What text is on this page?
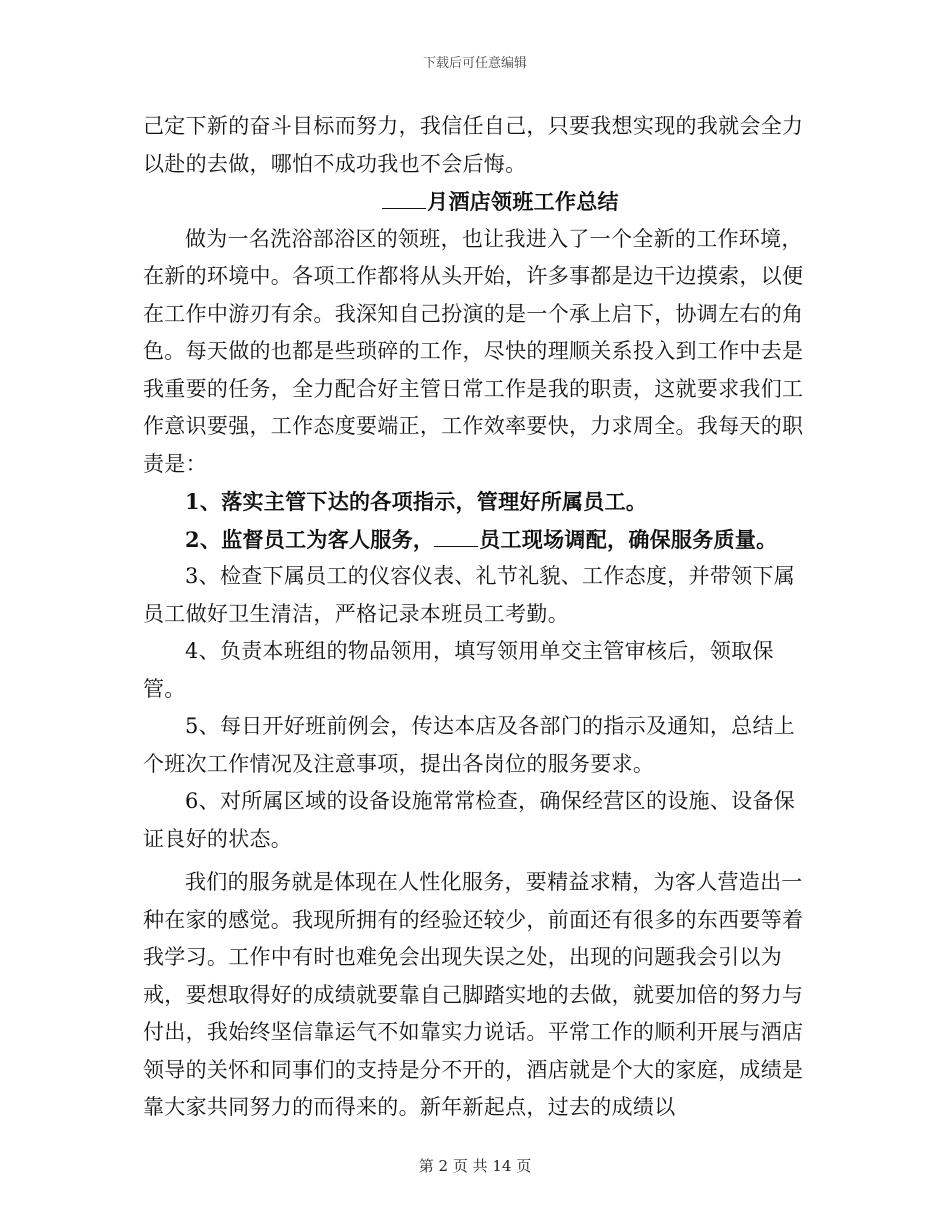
下载后可任意编辑

己定下新的奋斗目标而努力，我信任自己，只要我想实现的我就会全力以赴的去做，哪怕不成功我也不会后悔。

月酒店领班工作总结

做为一名洗浴部浴区的领班，也让我进入了一个全新的工作环境，在新的环境中。各项工作都将从头开始，许多事都是边干边摸索，以便在工作中游刃有余。我深知自己扮演的是一个承上启下，协调左右的角色。每天做的也都是些琐碎的工作，尽快的理顺关系投入到工作中去是我重要的任务，全力配合好主管日常工作是我的职责，这就要求我们工作意识要强，工作态度要端正，工作效率要快，力求周全。我每天的职责是：

1、落实主管下达的各项指示，管理好所属员工。

2、监督员工为客人服务， 员工现场调配，确保服务质量。

3、检查下属员工的仪容仪表、礼节礼貌、工作态度，并带领下属员工做好卫生清洁，严格记录本班员工考勤。

4、负责本班组的物品领用，填写领用单交主管审核后，领取保管。

5、每日开好班前例会，传达本店及各部门的指示及通知，总结上个班次工作情况及注意事项，提出各岗位的服务要求。

6、对所属区域的设备设施常常检查，确保经营区的设施、设备保证良好的状态。

我们的服务就是体现在人性化服务，要精益求精，为客人营造出一种在家的感觉。我现所拥有的经验还较少，前面还有很多的东西要等着我学习。工作中有时也难免会出现失误之处，出现的问题我会引以为戒，要想取得好的成绩就要靠自己脚踏实地的去做，就要加倍的努力与付出，我始终坚信靠运气不如靠实力说话。平常工作的顺利开展与酒店领导的关怀和同事们的支持是分不开的，酒店就是个大的家庭，成绩是靠大家共同努力的而得来的。新年新起点，过去的成绩以

第 2 页 共 14 页
